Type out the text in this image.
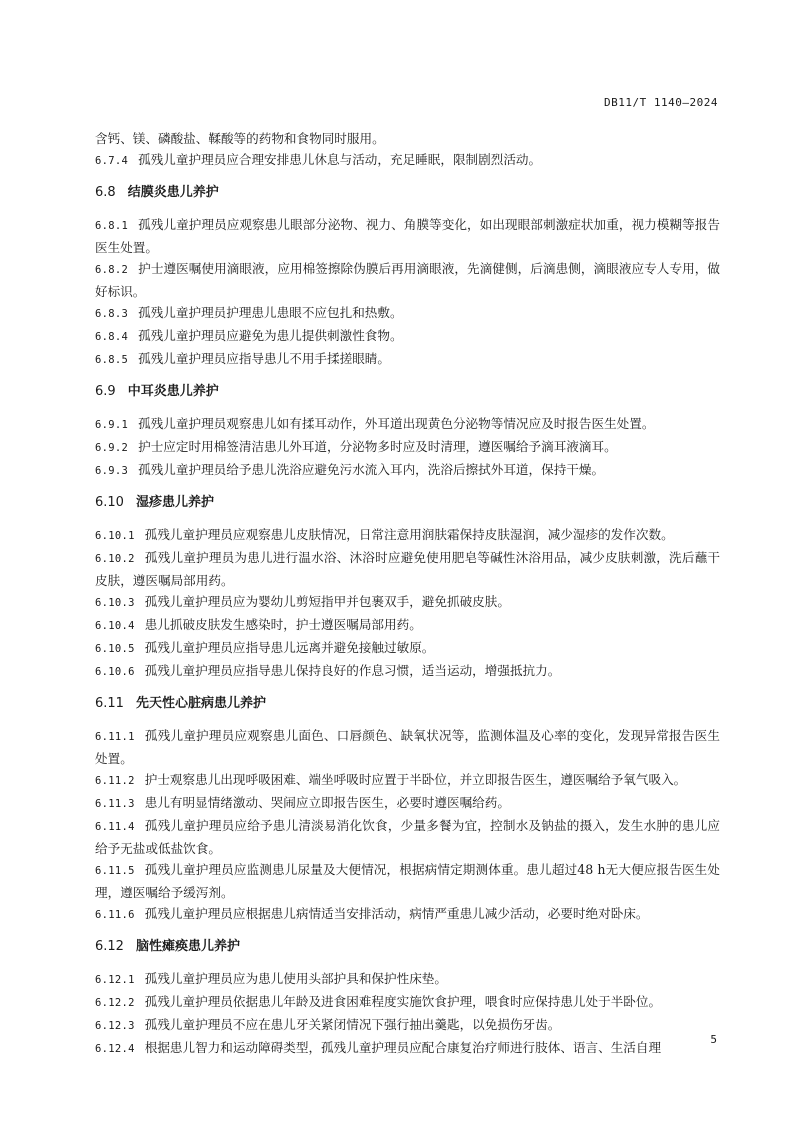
DB11/T 1140—2024

含钙、镁、磷酸盐、鞣酸等的药物和食物同时服用。

6.7.4 孤残儿童护理员应合理安排患儿休息与活动，充足睡眠，限制剧烈活动。

6.8 结膜炎患儿养护

6.8.1 孤残儿童护理员应观察患儿眼部分泌物、视力、角膜等变化，如出现眼部刺激症状加重，视力模糊等报告医生处置。

6.8.2 护士遵医嘱使用滴眼液，应用棉签擦除伪膜后再用滴眼液，先滴健侧，后滴患侧，滴眼液应专人专用，做好标识。

6.8.3 孤残儿童护理员护理患儿患眼不应包扎和热敷。

6.8.4 孤残儿童护理员应避免为患儿提供刺激性食物。

6.8.5 孤残儿童护理员应指导患儿不用手揉搓眼睛。

6.9 中耳炎患儿养护

6.9.1 孤残儿童护理员观察患儿如有揉耳动作，外耳道出现黄色分泌物等情况应及时报告医生处置。

6.9.2 护士应定时用棉签清洁患儿外耳道，分泌物多时应及时清理，遵医嘱给予滴耳液滴耳。

6.9.3 孤残儿童护理员给予患儿洗浴应避免污水流入耳内，洗浴后擦拭外耳道，保持干燥。

6.10 湿疹患儿养护

6.10.1 孤残儿童护理员应观察患儿皮肤情况，日常注意用润肤霜保持皮肤湿润，减少湿疹的发作次数。

6.10.2 孤残儿童护理员为患儿进行温水浴、沐浴时应避免使用肥皂等碱性沐浴用品，减少皮肤刺激，洗后蘸干皮肤，遵医嘱局部用药。

6.10.3 孤残儿童护理员应为婴幼儿剪短指甲并包裹双手，避免抓破皮肤。

6.10.4 患儿抓破皮肤发生感染时，护士遵医嘱局部用药。

6.10.5 孤残儿童护理员应指导患儿远离并避免接触过敏原。

6.10.6 孤残儿童护理员应指导患儿保持良好的作息习惯，适当运动，增强抵抗力。

6.11 先天性心脏病患儿养护

6.11.1 孤残儿童护理员应观察患儿面色、口唇颜色、缺氧状况等，监测体温及心率的变化，发现异常报告医生处置。

6.11.2 护士观察患儿出现呼吸困难、端坐呼吸时应置于半卧位，并立即报告医生，遵医嘱给予氧气吸入。

6.11.3 患儿有明显情绪激动、哭闹应立即报告医生，必要时遵医嘱给药。

6.11.4 孤残儿童护理员应给予患儿清淡易消化饮食，少量多餐为宜，控制水及钠盐的摄入，发生水肿的患儿应给予无盐或低盐饮食。

6.11.5 孤残儿童护理员应监测患儿尿量及大便情况，根据病情定期测体重。患儿超过48 h无大便应报告医生处理，遵医嘱给予缓泻剂。

6.11.6 孤残儿童护理员应根据患儿病情适当安排活动，病情严重患儿减少活动，必要时绝对卧床。

6.12 脑性瘫痪患儿养护

6.12.1 孤残儿童护理员应为患儿使用头部护具和保护性床垫。

6.12.2 孤残儿童护理员依据患儿年龄及进食困难程度实施饮食护理，喂食时应保持患儿处于半卧位。

6.12.3 孤残儿童护理员不应在患儿牙关紧闭情况下强行抽出羹匙，以免损伤牙齿。

6.12.4 根据患儿智力和运动障碍类型，孤残儿童护理员应配合康复治疗师进行肢体、语言、生活自理

5
